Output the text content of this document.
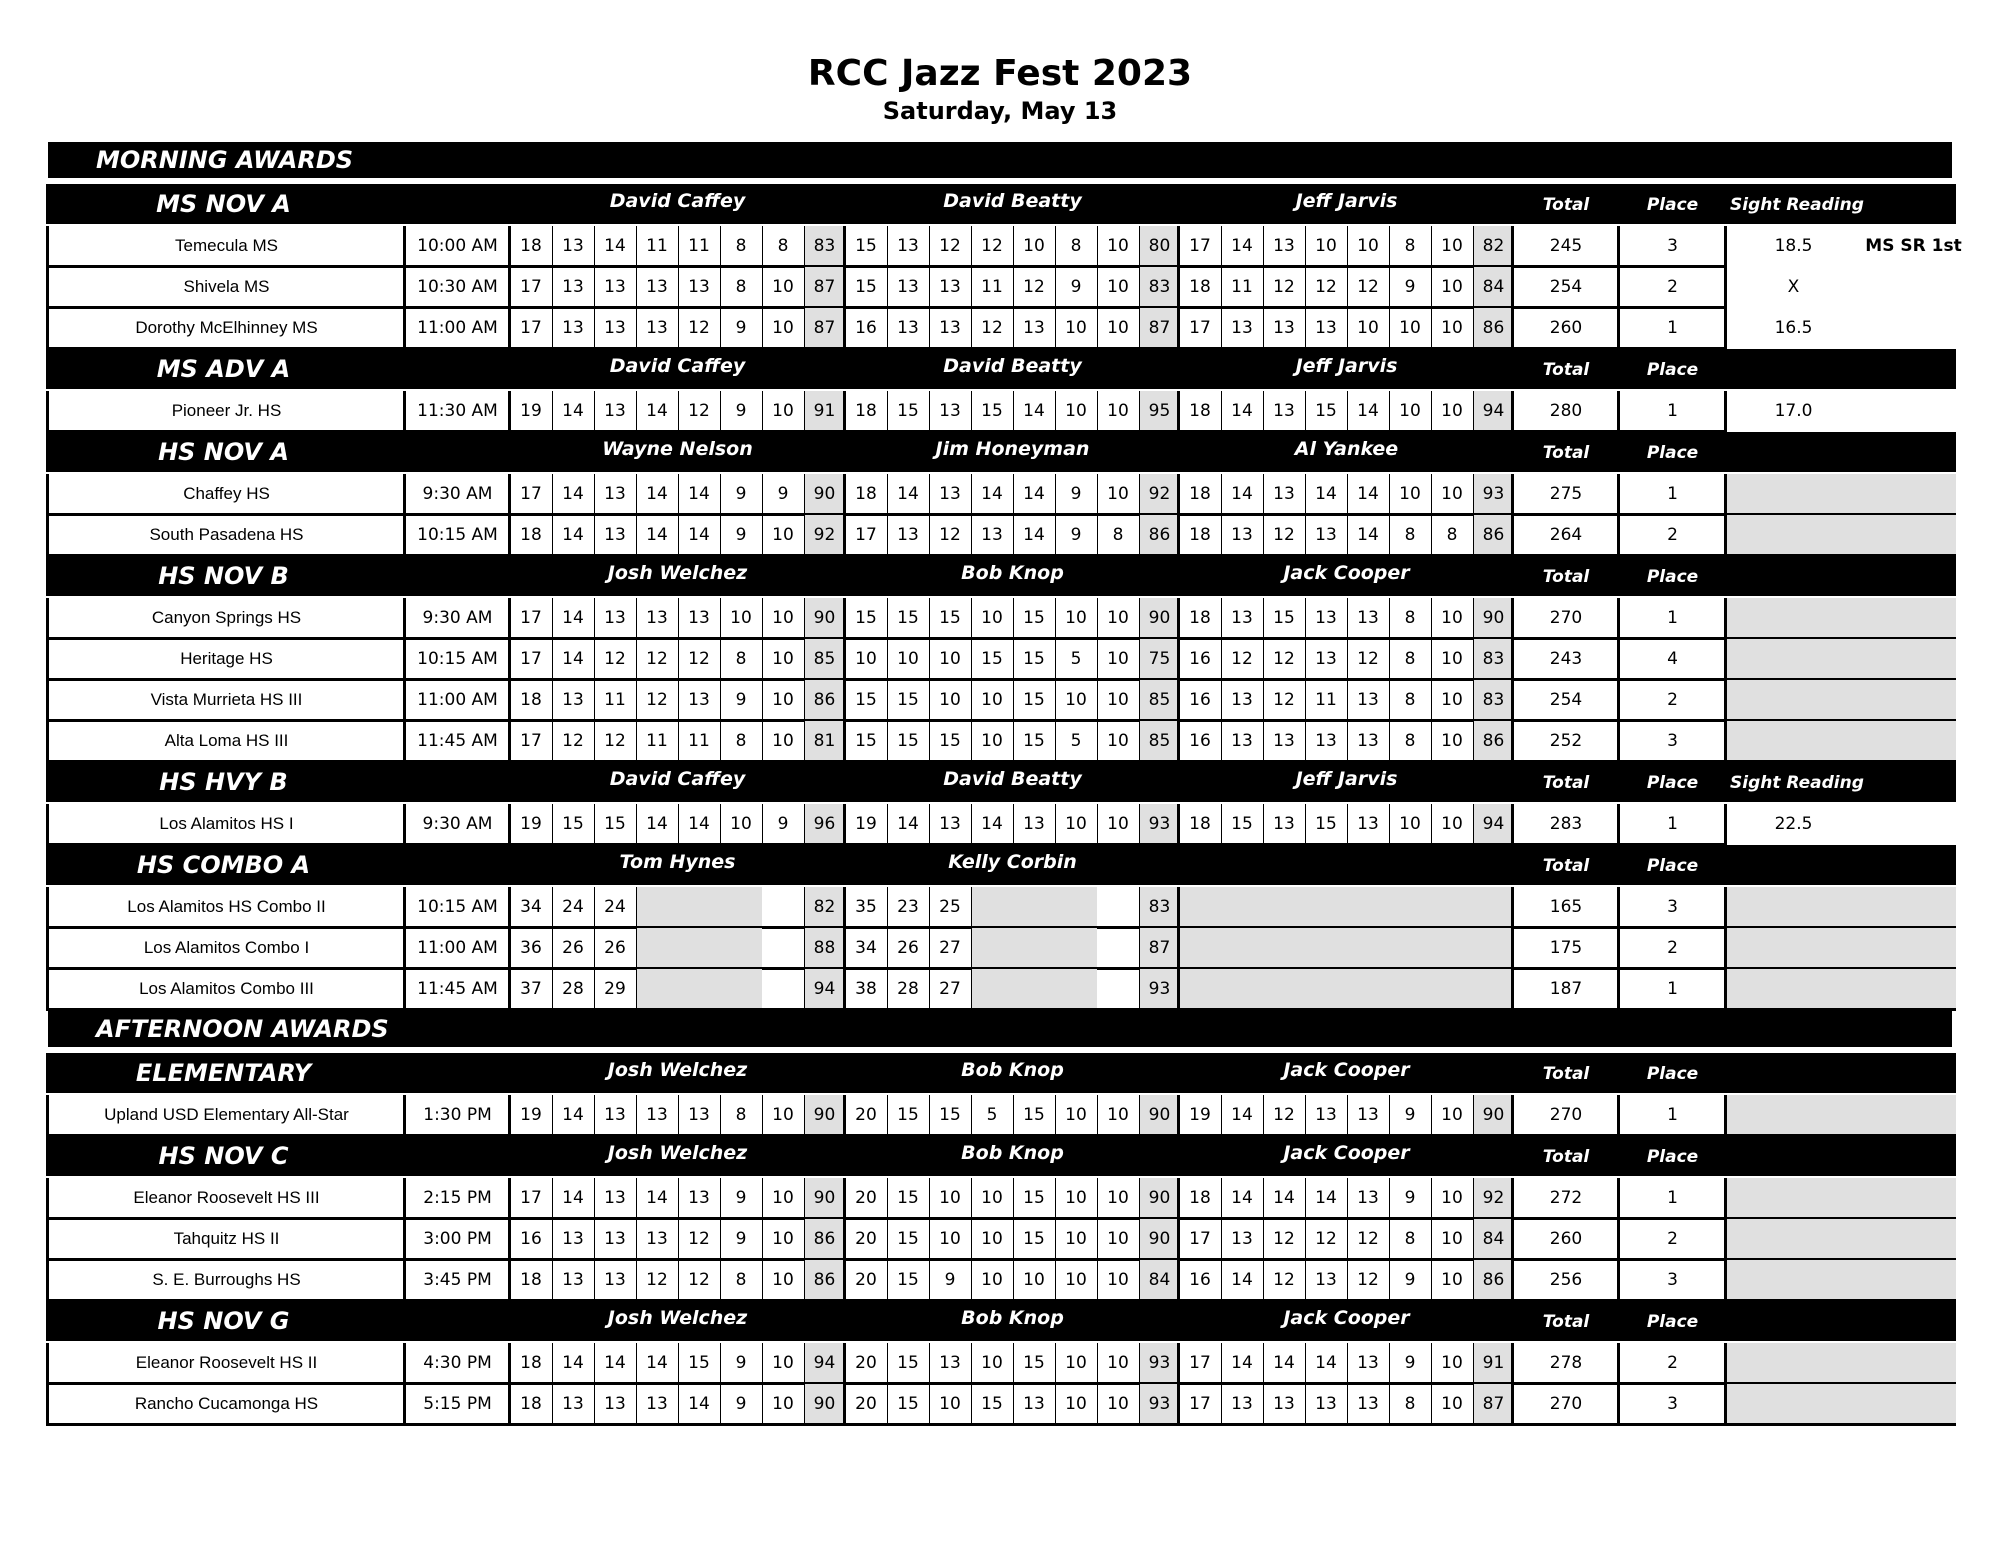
RCC Jazz Fest 2023
Saturday, May 13
MORNING AWARDS
MS NOV A	David Caffey	David Beatty	Jeff Jarvis	Total	Place	Sight Reading
Temecula MS	10:00 AM	18	13	14	11	11	8	8	83	15	13	12	12	10	8	10	80	17	14	13	10	10	8	10	82	245	3	18.5	MS SR 1st
Shivela MS	10:30 AM	17	13	13	13	13	8	10	87	15	13	13	11	12	9	10	83	18	11	12	12	12	9	10	84	254	2	X
Dorothy McElhinney MS	11:00 AM	17	13	13	13	12	9	10	87	16	13	13	12	13	10	10	87	17	13	13	13	10	10	10	86	260	1	16.5
MS ADV A	David Caffey	David Beatty	Jeff Jarvis	Total	Place
Pioneer Jr. HS	11:30 AM	19	14	13	14	12	9	10	91	18	15	13	15	14	10	10	95	18	14	13	15	14	10	10	94	280	1	17.0
HS NOV A	Wayne Nelson	Jim Honeyman	Al Yankee	Total	Place
Chaffey HS	9:30 AM	17	14	13	14	14	9	9	90	18	14	13	14	14	9	10	92	18	14	13	14	14	10	10	93	275	1
South Pasadena HS	10:15 AM	18	14	13	14	14	9	10	92	17	13	12	13	14	9	8	86	18	13	12	13	14	8	8	86	264	2
HS NOV B	Josh Welchez	Bob Knop	Jack Cooper	Total	Place
Canyon Springs HS	9:30 AM	17	14	13	13	13	10	10	90	15	15	15	10	15	10	10	90	18	13	15	13	13	8	10	90	270	1
Heritage HS	10:15 AM	17	14	12	12	12	8	10	85	10	10	10	15	15	5	10	75	16	12	12	13	12	8	10	83	243	4
Vista Murrieta HS III	11:00 AM	18	13	11	12	13	9	10	86	15	15	10	10	15	10	10	85	16	13	12	11	13	8	10	83	254	2
Alta Loma HS III	11:45 AM	17	12	12	11	11	8	10	81	15	15	15	10	15	5	10	85	16	13	13	13	13	8	10	86	252	3
HS HVY B	David Caffey	David Beatty	Jeff Jarvis	Total	Place	Sight Reading
Los Alamitos HS I	9:30 AM	19	15	15	14	14	10	9	96	19	14	13	14	13	10	10	93	18	15	13	15	13	10	10	94	283	1	22.5
HS COMBO A	Tom Hynes	Kelly Corbin	Total	Place
Los Alamitos HS Combo II	10:15 AM	34	24	24	82	35	23	25	83	165	3
Los Alamitos Combo I	11:00 AM	36	26	26	88	34	26	27	87	175	2
Los Alamitos Combo III	11:45 AM	37	28	29	94	38	28	27	93	187	1
AFTERNOON AWARDS
ELEMENTARY	Josh Welchez	Bob Knop	Jack Cooper	Total	Place
Upland USD Elementary All-Star	1:30 PM	19	14	13	13	13	8	10	90	20	15	15	5	15	10	10	90	19	14	12	13	13	9	10	90	270	1
HS NOV C	Josh Welchez	Bob Knop	Jack Cooper	Total	Place
Eleanor Roosevelt HS III	2:15 PM	17	14	13	14	13	9	10	90	20	15	10	10	15	10	10	90	18	14	14	14	13	9	10	92	272	1
Tahquitz HS II	3:00 PM	16	13	13	13	12	9	10	86	20	15	10	10	15	10	10	90	17	13	12	12	12	8	10	84	260	2
S. E. Burroughs HS	3:45 PM	18	13	13	12	12	8	10	86	20	15	9	10	10	10	10	84	16	14	12	13	12	9	10	86	256	3
HS NOV G	Josh Welchez	Bob Knop	Jack Cooper	Total	Place
Eleanor Roosevelt HS II	4:30 PM	18	14	14	14	15	9	10	94	20	15	13	10	15	10	10	93	17	14	14	14	13	9	10	91	278	2
Rancho Cucamonga HS	5:15 PM	18	13	13	13	14	9	10	90	20	15	10	15	13	10	10	93	17	13	13	13	13	8	10	87	270	3
